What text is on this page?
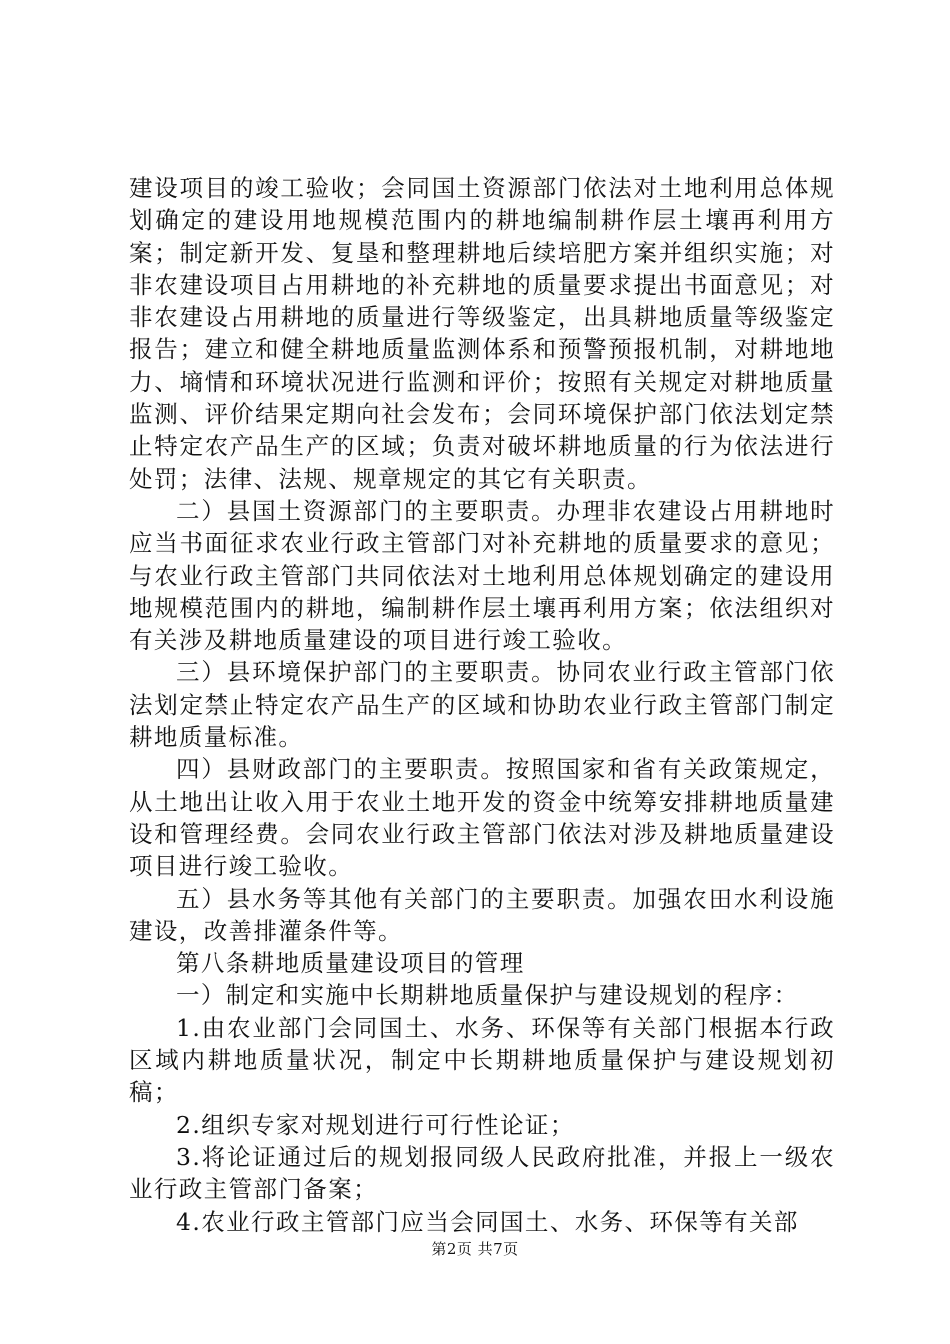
建设项目的竣工验收；会同国土资源部门依法对土地利用总体规划确定的建设用地规模范围内的耕地编制耕作层土壤再利用方案；制定新开发、复垦和整理耕地后续培肥方案并组织实施；对非农建设项目占用耕地的补充耕地的质量要求提出书面意见；对非农建设占用耕地的质量进行等级鉴定，出具耕地质量等级鉴定报告；建立和健全耕地质量监测体系和预警预报机制，对耕地地力、墒情和环境状况进行监测和评价；按照有关规定对耕地质量监测、评价结果定期向社会发布；会同环境保护部门依法划定禁止特定农产品生产的区域；负责对破坏耕地质量的行为依法进行处罚；法律、法规、规章规定的其它有关职责。

二）县国土资源部门的主要职责。办理非农建设占用耕地时应当书面征求农业行政主管部门对补充耕地的质量要求的意见；与农业行政主管部门共同依法对土地利用总体规划确定的建设用地规模范围内的耕地，编制耕作层土壤再利用方案；依法组织对有关涉及耕地质量建设的项目进行竣工验收。

三）县环境保护部门的主要职责。协同农业行政主管部门依法划定禁止特定农产品生产的区域和协助农业行政主管部门制定耕地质量标准。

四）县财政部门的主要职责。按照国家和省有关政策规定，从土地出让收入用于农业土地开发的资金中统筹安排耕地质量建设和管理经费。会同农业行政主管部门依法对涉及耕地质量建设项目进行竣工验收。

五）县水务等其他有关部门的主要职责。加强农田水利设施建设，改善排灌条件等。

第八条耕地质量建设项目的管理

一）制定和实施中长期耕地质量保护与建设规划的程序：

1.由农业部门会同国土、水务、环保等有关部门根据本行政区域内耕地质量状况，制定中长期耕地质量保护与建设规划初稿；

2.组织专家对规划进行可行性论证；

3.将论证通过后的规划报同级人民政府批准，并报上一级农业行政主管部门备案；

4.农业行政主管部门应当会同国土、水务、环保等有关部

第2页 共7页
